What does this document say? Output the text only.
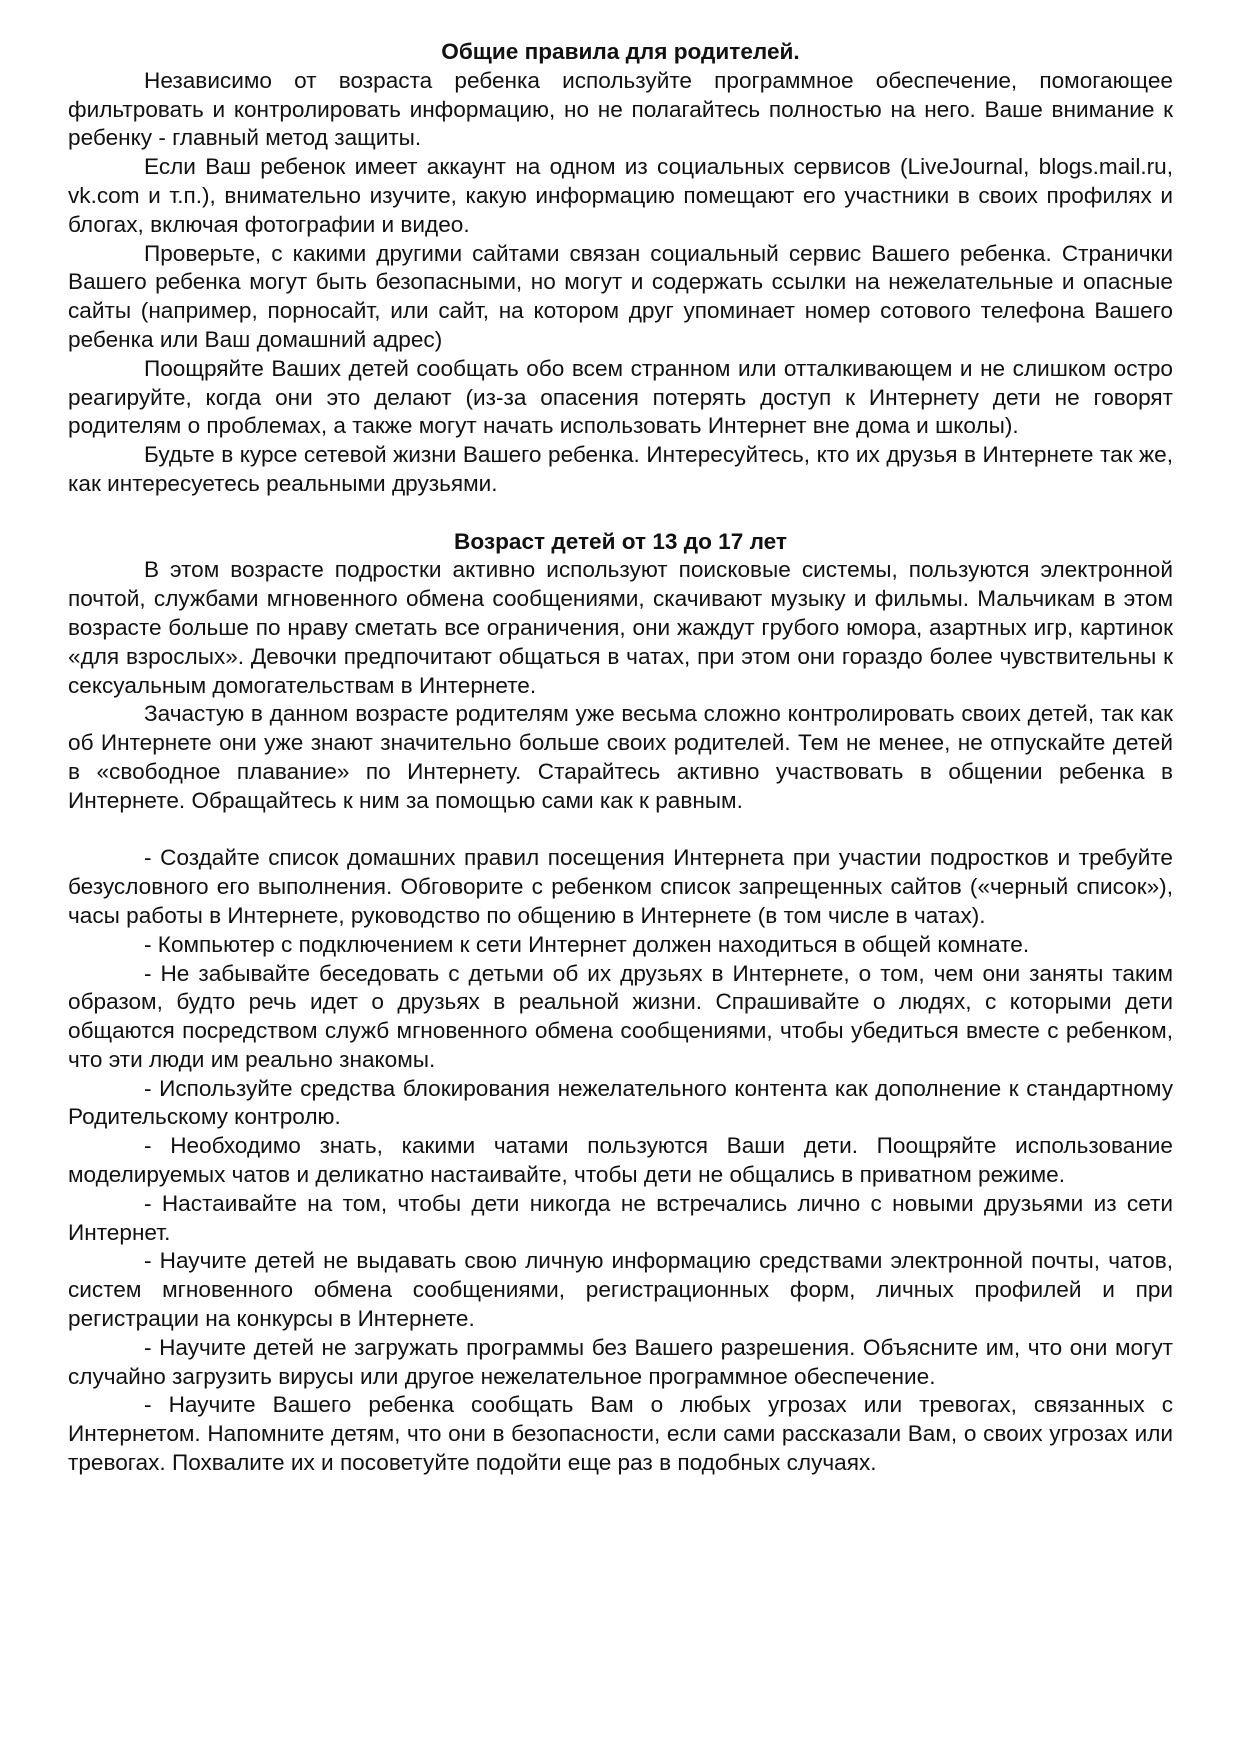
Общие правила для родителей.

Независимо от возраста ребенка используйте программное обеспечение, помогающее фильтровать и контролировать информацию, но не полагайтесь полностью на него. Ваше внимание к ребенку - главный метод защиты.

Если Ваш ребенок имеет аккаунт на одном из социальных сервисов (LiveJournal, blogs.mail.ru, vk.com и т.п.), внимательно изучите, какую информацию помещают его участники в своих профилях и блогах, включая фотографии и видео.

Проверьте, с какими другими сайтами связан социальный сервис Вашего ребенка. Странички Вашего ребенка могут быть безопасными, но могут и содержать ссылки на нежелательные и опасные сайты (например, порносайт, или сайт, на котором друг упоминает номер сотового телефона Вашего ребенка или Ваш домашний адрес)

Поощряйте Ваших детей сообщать обо всем странном или отталкивающем и не слишком остро реагируйте, когда они это делают (из-за опасения потерять доступ к Интернету дети не говорят родителям о проблемах, а также могут начать использовать Интернет вне дома и школы).

Будьте в курсе сетевой жизни Вашего ребенка. Интересуйтесь, кто их друзья в Интернете так же, как интересуетесь реальными друзьями.

Возраст детей от 13 до 17 лет

В этом возрасте подростки активно используют поисковые системы, пользуются электронной почтой, службами мгновенного обмена сообщениями, скачивают музыку и фильмы. Мальчикам в этом возрасте больше по нраву сметать все ограничения, они жаждут грубого юмора, азартных игр, картинок «для взрослых». Девочки предпочитают общаться в чатах, при этом они гораздо более чувствительны к сексуальным домогательствам в Интернете.

Зачастую в данном возрасте родителям уже весьма сложно контролировать своих детей, так как об Интернете они уже знают значительно больше своих родителей. Тем не менее, не отпускайте детей в «свободное плавание» по Интернету. Старайтесь активно участвовать в общении ребенка в Интернете. Обращайтесь к ним за помощью сами как к равным.

- Создайте список домашних правил посещения Интернета при участии подростков и требуйте безусловного его выполнения. Обговорите с ребенком список запрещенных сайтов («черный список»), часы работы в Интернете, руководство по общению в Интернете (в том числе в чатах).

- Компьютер с подключением к сети Интернет должен находиться в общей комнате.

- Не забывайте беседовать с детьми об их друзьях в Интернете, о том, чем они заняты таким образом, будто речь идет о друзьях в реальной жизни. Спрашивайте о людях, с которыми дети общаются посредством служб мгновенного обмена сообщениями, чтобы убедиться вместе с ребенком, что эти люди им реально знакомы.

- Используйте средства блокирования нежелательного контента как дополнение к стандартному Родительскому контролю.

- Необходимо знать, какими чатами пользуются Ваши дети. Поощряйте использование моделируемых чатов и деликатно настаивайте, чтобы дети не общались в приватном режиме.

- Настаивайте на том, чтобы дети никогда не встречались лично с новыми друзьями из сети Интернет.

- Научите детей не выдавать свою личную информацию средствами электронной почты, чатов, систем мгновенного обмена сообщениями, регистрационных форм, личных профилей и при регистрации на конкурсы в Интернете.

- Научите детей не загружать программы без Вашего разрешения. Объясните им, что они могут случайно загрузить вирусы или другое нежелательное программное обеспечение.

- Научите Вашего ребенка сообщать Вам о любых угрозах или тревогах, связанных с Интернетом. Напомните детям, что они в безопасности, если сами рассказали Вам, о своих угрозах или тревогах. Похвалите их и посоветуйте подойти еще раз в подобных случаях.
